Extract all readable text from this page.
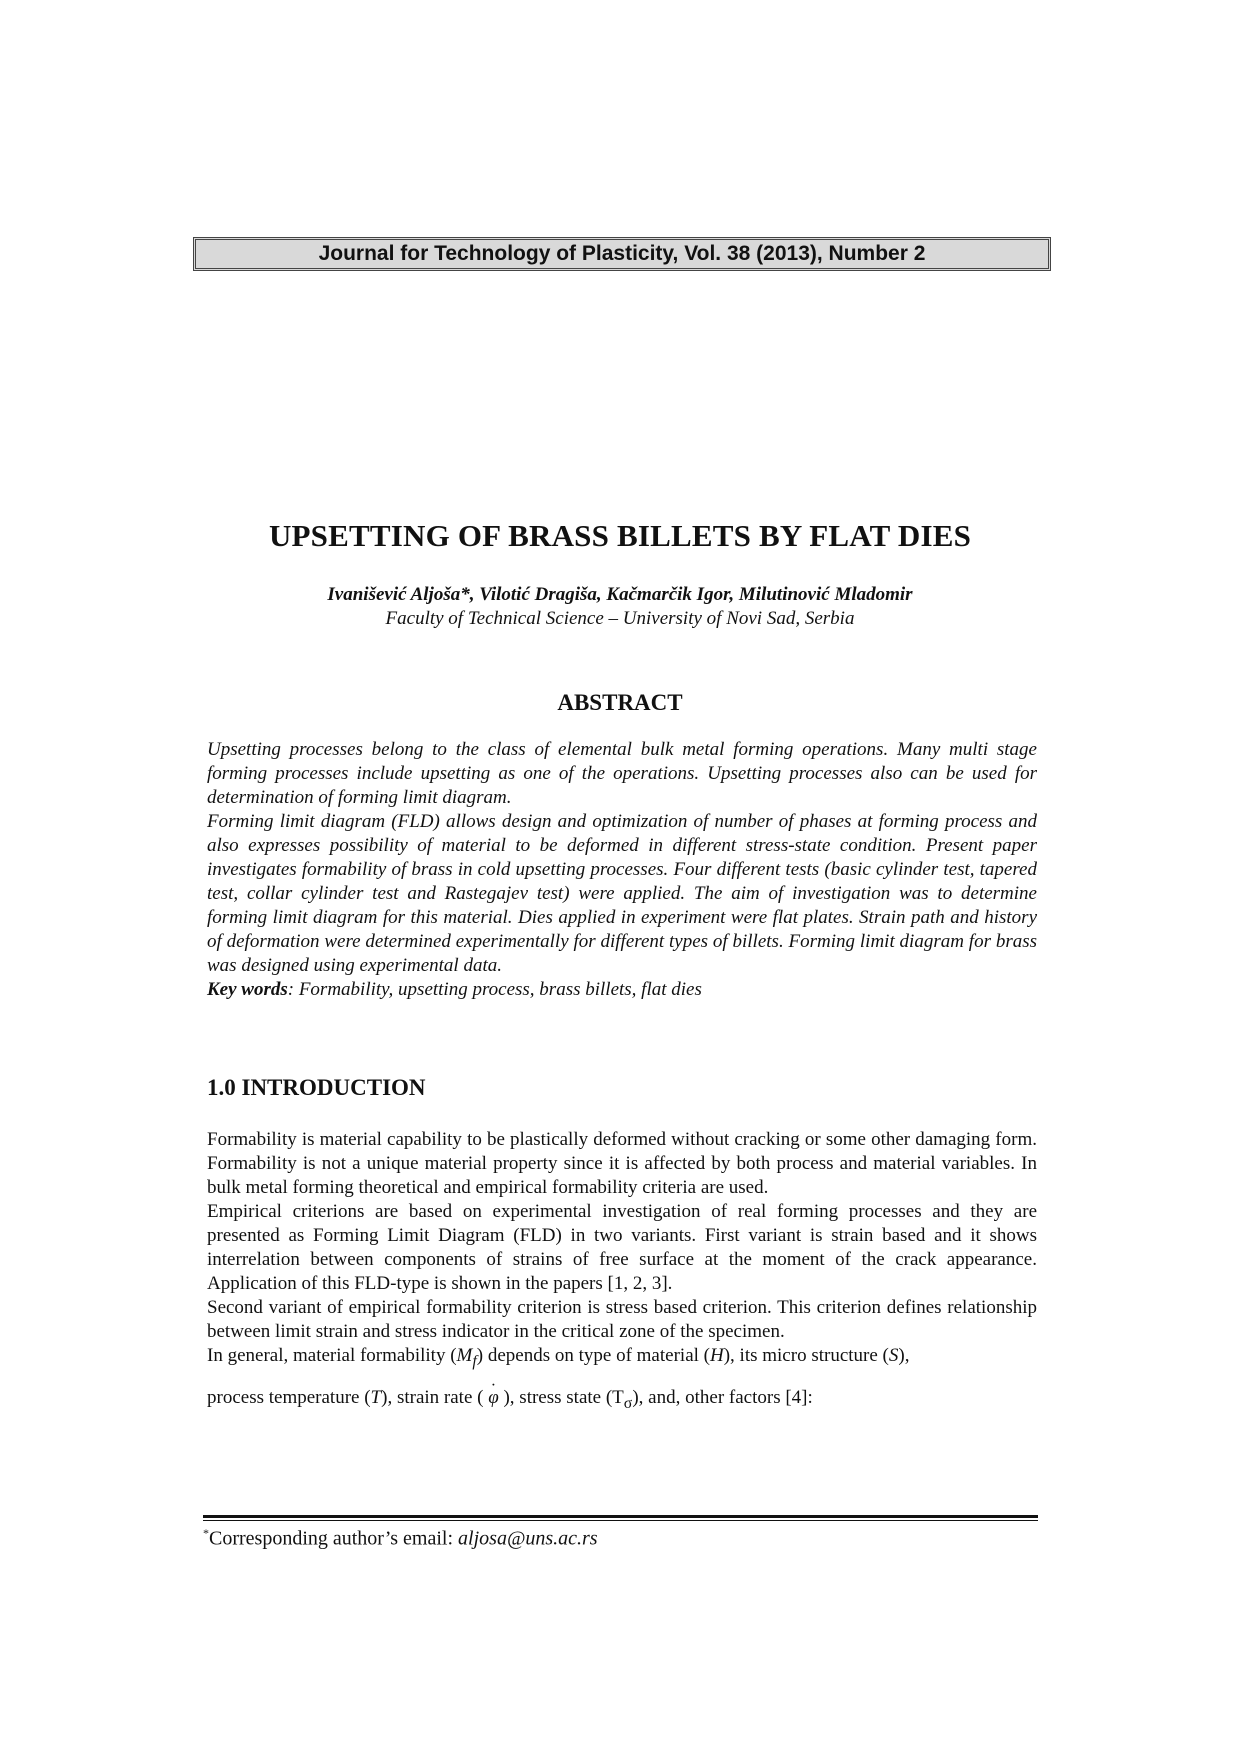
Journal for Technology of Plasticity, Vol. 38 (2013), Number 2
UPSETTING OF BRASS BILLETS BY FLAT DIES
Ivanišević Aljoša*, Vilotić Dragiša, Kačmarčik Igor, Milutinović Mladomir
Faculty of Technical Science – University of Novi Sad, Serbia
ABSTRACT

Upsetting processes belong to the class of elemental bulk metal forming operations. Many multi stage forming processes include upsetting as one of the operations. Upsetting processes also can be used for determination of forming limit diagram.

Forming limit diagram (FLD) allows design and optimization of number of phases at forming process and also expresses possibility of material to be deformed in different stress-state condition. Present paper investigates formability of brass in cold upsetting processes. Four different tests (basic cylinder test, tapered test, collar cylinder test and Rastegajev test) were applied. The aim of investigation was to determine forming limit diagram for this material. Dies applied in experiment were flat plates. Strain path and history of deformation were determined experimentally for different types of billets. Forming limit diagram for brass was designed using experimental data.

Key words: Formability, upsetting process, brass billets, flat dies

1.0 INTRODUCTION

Formability is material capability to be plastically deformed without cracking or some other damaging form. Formability is not a unique material property since it is affected by both process and material variables. In bulk metal forming theoretical and empirical formability criteria are used.

Empirical criterions are based on experimental investigation of real forming processes and they are presented as Forming Limit Diagram (FLD) in two variants. First variant is strain based and it shows interrelation between components of strains of free surface at the moment of the crack appearance. Application of this FLD-type is shown in the papers [1, 2, 3].

Second variant of empirical formability criterion is stress based criterion. This criterion defines relationship between limit strain and stress indicator in the critical zone of the specimen.

In general, material formability $(M_f)$ depends on type of material (H), its micro structure (S),

process temperature (T), strain rate ( · φ ), stress state $(T_\sigma)$, and, other factors [4]:

*Corresponding author’s email: aljosa@uns.ac.rs
